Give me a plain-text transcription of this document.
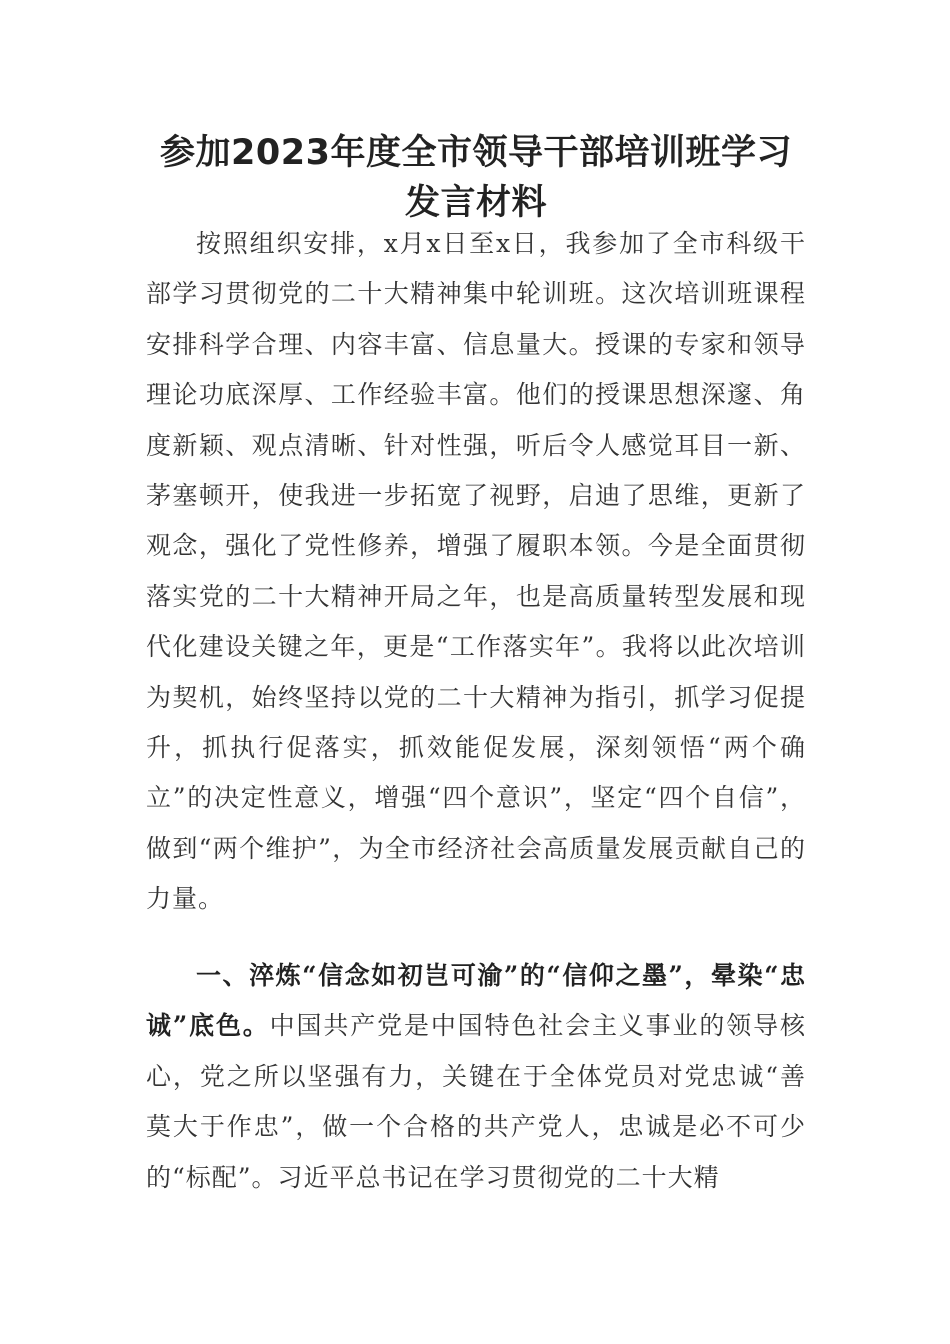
参加2023年度全市领导干部培训班学习发言材料

按照组织安排，x月x日至x日，我参加了全市科级干部学习贯彻党的二十大精神集中轮训班。这次培训班课程安排科学合理、内容丰富、信息量大。授课的专家和领导理论功底深厚、工作经验丰富。他们的授课思想深邃、角度新颖、观点清晰、针对性强，听后令人感觉耳目一新、茅塞顿开，使我进一步拓宽了视野，启迪了思维，更新了观念，强化了党性修养，增强了履职本领。今是全面贯彻落实党的二十大精神开局之年，也是高质量转型发展和现代化建设关键之年，更是“工作落实年”。我将以此次培训为契机，始终坚持以党的二十大精神为指引，抓学习促提升，抓执行促落实，抓效能促发展，深刻领悟“两个确立”的决定性意义，增强“四个意识”，坚定“四个自信”，做到“两个维护”，为全市经济社会高质量发展贡献自己的力量。

一、淬炼“信念如初岂可渝”的“信仰之墨”，晕染“忠诚”底色。中国共产党是中国特色社会主义事业的领导核心，党之所以坚强有力，关键在于全体党员对党忠诚“善莫大于作忠”，做一个合格的共产党人，忠诚是必不可少的“标配”。习近平总书记在学习贯彻党的二十大精
